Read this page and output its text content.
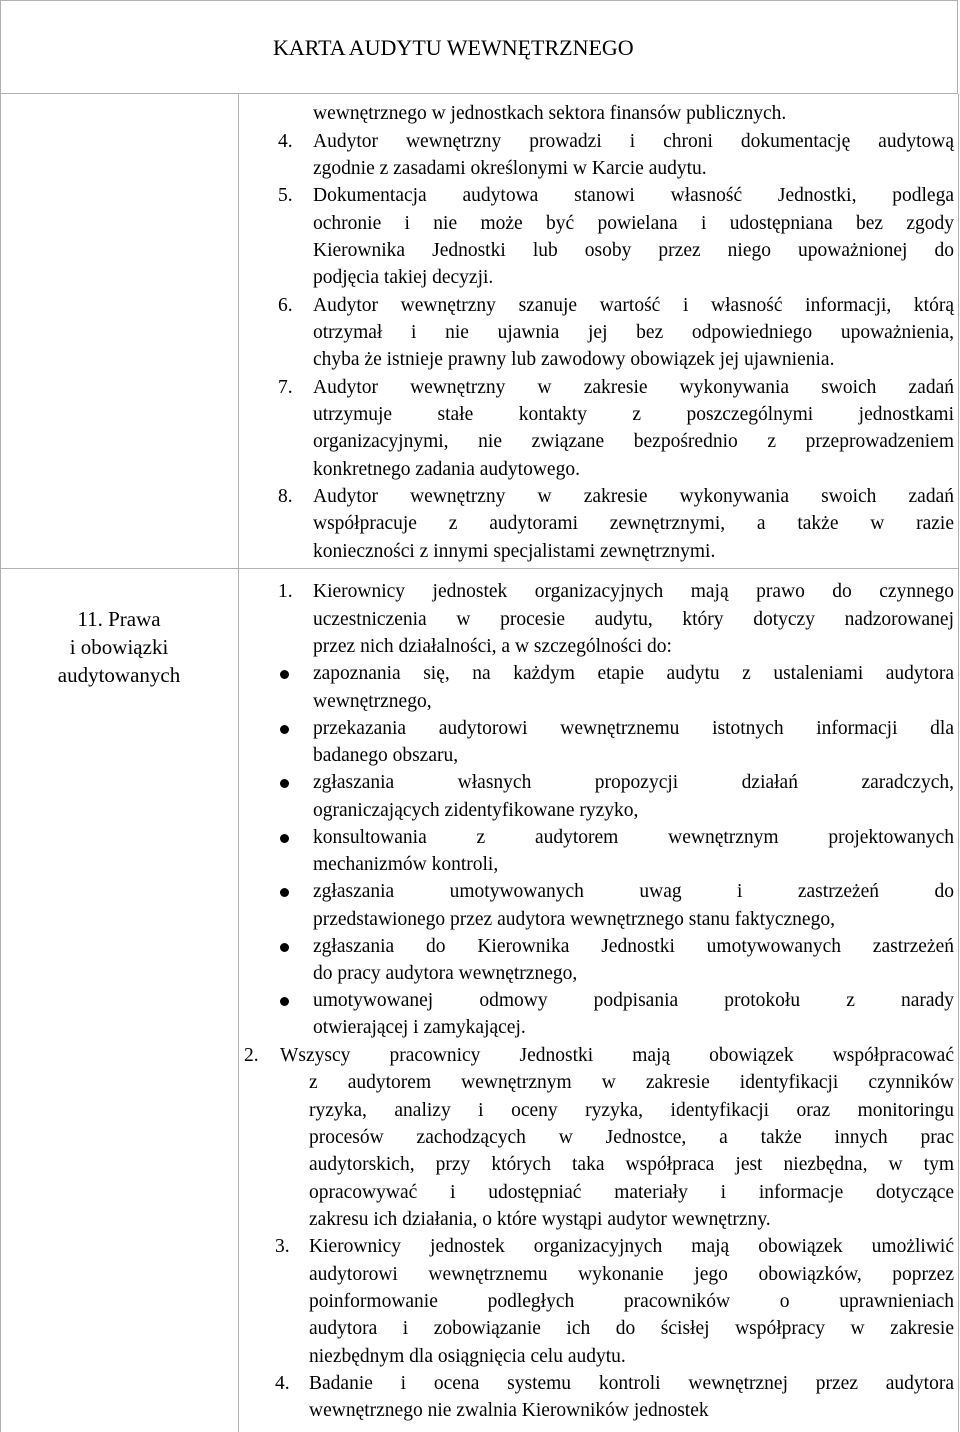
KARTA AUDYTU WEWNĘTRZNEGO
11. Prawa
i obowiązki
audytowanych
wewnętrznego w jednostkach sektora finansów publicznych.
4. Audytor wewnętrzny prowadzi i chroni dokumentację audytową
zgodnie z zasadami określonymi w Karcie audytu.
5. Dokumentacja audytowa stanowi własność Jednostki, podlega
ochronie i nie może być powielana i udostępniana bez zgody
Kierownika Jednostki lub osoby przez niego upoważnionej do
podjęcia takiej decyzji.
6. Audytor wewnętrzny szanuje wartość i własność informacji, którą
otrzymał i nie ujawnia jej bez odpowiedniego upoważnienia,
chyba że istnieje prawny lub zawodowy obowiązek jej ujawnienia.
7. Audytor wewnętrzny w zakresie wykonywania swoich zadań
utrzymuje stałe kontakty z poszczególnymi jednostkami
organizacyjnymi, nie związane bezpośrednio z przeprowadzeniem
konkretnego zadania audytowego.
8. Audytor wewnętrzny w zakresie wykonywania swoich zadań
współpracuje z audytorami zewnętrznymi, a także w razie
konieczności z innymi specjalistami zewnętrznymi.
1. Kierownicy jednostek organizacyjnych mają prawo do czynnego
uczestniczenia w procesie audytu, który dotyczy nadzorowanej
przez nich działalności, a w szczególności do:
zapoznania się, na każdym etapie audytu z ustaleniami audytora
wewnętrznego,
przekazania audytorowi wewnętrznemu istotnych informacji dla
badanego obszaru,
zgłaszania własnych propozycji działań zaradczych,
ograniczających zidentyfikowane ryzyko,
konsultowania z audytorem wewnętrznym projektowanych
mechanizmów kontroli,
zgłaszania umotywowanych uwag i zastrzeżeń do
przedstawionego przez audytora wewnętrznego stanu faktycznego,
zgłaszania do Kierownika Jednostki umotywowanych zastrzeżeń
do pracy audytora wewnętrznego,
umotywowanej odmowy podpisania protokołu z narady
otwierającej i zamykającej.
2. Wszyscy pracownicy Jednostki mają obowiązek współpracować
z audytorem wewnętrznym w zakresie identyfikacji czynników
ryzyka, analizy i oceny ryzyka, identyfikacji oraz monitoringu
procesów zachodzących w Jednostce, a także innych prac
audytorskich, przy których taka współpraca jest niezbędna, w tym
opracowywać i udostępniać materiały i informacje dotyczące
zakresu ich działania, o które wystąpi audytor wewnętrzny.
3. Kierownicy jednostek organizacyjnych mają obowiązek umożliwić
audytorowi wewnętrznemu wykonanie jego obowiązków, poprzez
poinformowanie podległych pracowników o uprawnieniach
audytora i zobowiązanie ich do ścisłej współpracy w zakresie
niezbędnym dla osiągnięcia celu audytu.
4. Badanie i ocena systemu kontroli wewnętrznej przez audytora
wewnętrznego nie zwalnia Kierowników jednostek
